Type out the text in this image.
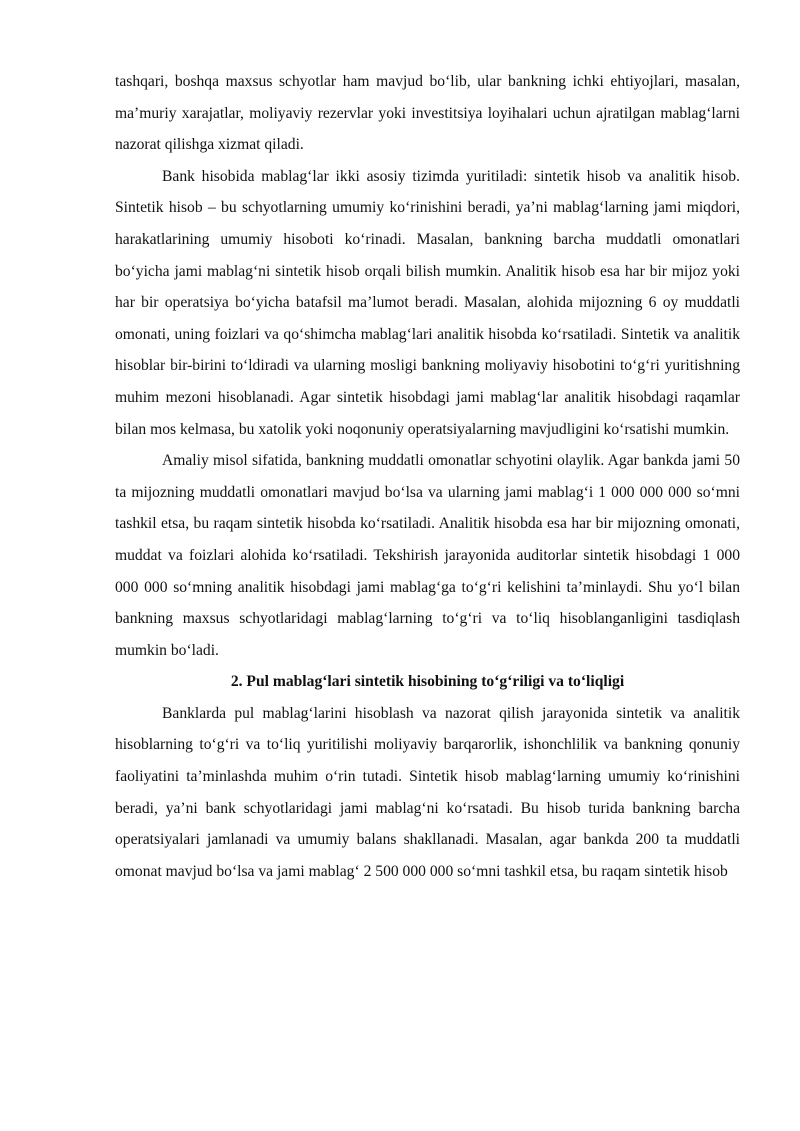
tashqari, boshqa maxsus schyotlar ham mavjud bo‘lib, ular bankning ichki ehtiyojlari, masalan, ma’muriy xarajatlar, moliyaviy rezervlar yoki investitsiya loyihalari uchun ajratilgan mablag‘larni nazorat qilishga xizmat qiladi.

Bank hisobida mablag‘lar ikki asosiy tizimda yuritiladi: sintetik hisob va analitik hisob. Sintetik hisob – bu schyotlarning umumiy ko‘rinishini beradi, ya’ni mablag‘larning jami miqdori, harakatlarining umumiy hisoboti ko‘rinadi. Masalan, bankning barcha muddatli omonatlari bo‘yicha jami mablag‘ni sintetik hisob orqali bilish mumkin. Analitik hisob esa har bir mijoz yoki har bir operatsiya bo‘yicha batafsil ma’lumot beradi. Masalan, alohida mijozning 6 oy muddatli omonati, uning foizlari va qo‘shimcha mablag‘lari analitik hisobda ko‘rsatiladi. Sintetik va analitik hisoblar bir-birini to‘ldiradi va ularning mosligi bankning moliyaviy hisobotini to‘g‘ri yuritishning muhim mezoni hisoblanadi. Agar sintetik hisobdagi jami mablag‘lar analitik hisobdagi raqamlar bilan mos kelmasa, bu xatolik yoki noqonuniy operatsiyalarning mavjudligini ko‘rsatishi mumkin.

Amaliy misol sifatida, bankning muddatli omonatlar schyotini olaylik. Agar bankda jami 50 ta mijozning muddatli omonatlari mavjud bo‘lsa va ularning jami mablag‘i 1 000 000 000 so‘mni tashkil etsa, bu raqam sintetik hisobda ko‘rsatiladi. Analitik hisobda esa har bir mijozning omonati, muddat va foizlari alohida ko‘rsatiladi. Tekshirish jarayonida auditorlar sintetik hisobdagi 1 000 000 000 so‘mning analitik hisobdagi jami mablag‘ga to‘g‘ri kelishini ta’minlaydi. Shu yo‘l bilan bankning maxsus schyotlaridagi mablag‘larning to‘g‘ri va to‘liq hisoblanganligini tasdiqlash mumkin bo‘ladi.

2. Pul mablag‘lari sintetik hisobining to‘g‘riligi va to‘liqligi

Banklarda pul mablag‘larini hisoblash va nazorat qilish jarayonida sintetik va analitik hisoblarning to‘g‘ri va to‘liq yuritilishi moliyaviy barqarorlik, ishonchlilik va bankning qonuniy faoliyatini ta’minlashda muhim o‘rin tutadi. Sintetik hisob mablag‘larning umumiy ko‘rinishini beradi, ya’ni bank schyotlaridagi jami mablag‘ni ko‘rsatadi. Bu hisob turida bankning barcha operatsiyalari jamlanadi va umumiy balans shakllanadi. Masalan, agar bankda 200 ta muddatli omonat mavjud bo‘lsa va jami mablag‘ 2 500 000 000 so‘mni tashkil etsa, bu raqam sintetik hisob
